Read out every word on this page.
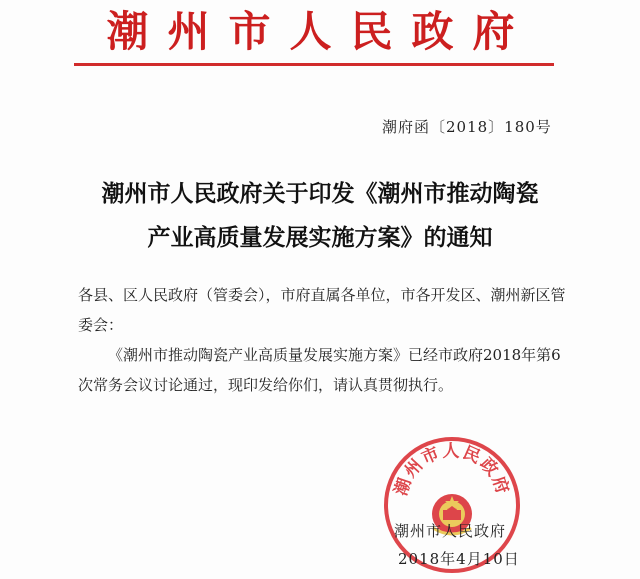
潮州市人民政府
潮府函〔2018〕180号
潮州市人民政府关于印发《潮州市推动陶瓷
产业高质量发展实施方案》的通知
各县、区人民政府（管委会），市府直属各单位，市各开发区、潮州新区管委会：
《潮州市推动陶瓷产业高质量发展实施方案》已经市政府2018年第6次常务会议讨论通过，现印发给你们，请认真贯彻执行。
潮州市人民政府
潮州市人民政府
2018年4月10日
